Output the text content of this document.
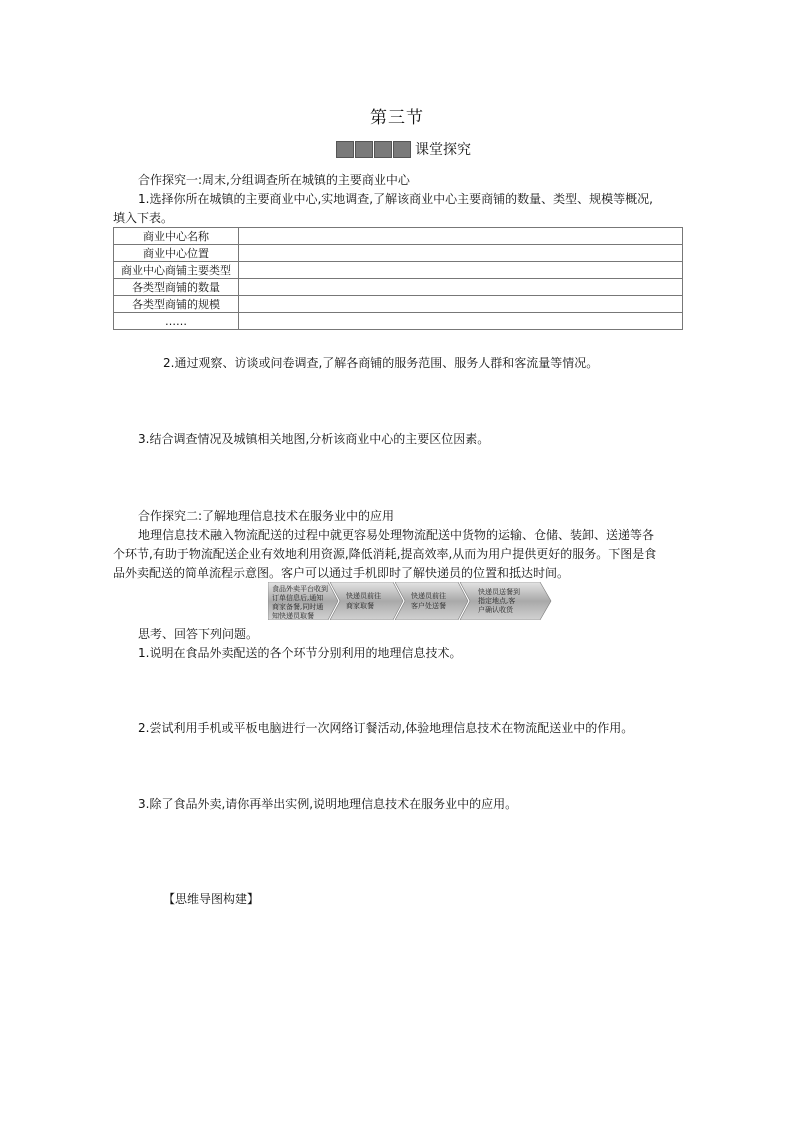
第三节
课堂探究
合作探究一:周末,分组调查所在城镇的主要商业中心
1.选择你所在城镇的主要商业中心,实地调查,了解该商业中心主要商铺的数量、类型、规模等概况,
填入下表。
商业中心名称	
商业中心位置	
商业中心商铺主要类型	
各类型商铺的数量	
各类型商铺的规模	
……	
2.通过观察、访谈或问卷调查,了解各商铺的服务范围、服务人群和客流量等情况。
3.结合调查情况及城镇相关地图,分析该商业中心的主要区位因素。
合作探究二:了解地理信息技术在服务业中的应用
地理信息技术融入物流配送的过程中就更容易处理物流配送中货物的运输、仓储、装卸、送递等各
个环节,有助于物流配送企业有效地利用资源,降低消耗,提高效率,从而为用户提供更好的服务。下图是食
品外卖配送的简单流程示意图。客户可以通过手机即时了解快递员的位置和抵达时间。
食品外卖平台收到
订单信息后,通知
商家备餐,同时通
知快递员取餐
快递员前往
商家取餐
快递员前往
客户处送餐
快递员送餐到
指定地点,客
户确认收货
思考、回答下列问题。
1.说明在食品外卖配送的各个环节分别利用的地理信息技术。
2.尝试利用手机或平板电脑进行一次网络订餐活动,体验地理信息技术在物流配送业中的作用。
3.除了食品外卖,请你再举出实例,说明地理信息技术在服务业中的应用。
【思维导图构建】
